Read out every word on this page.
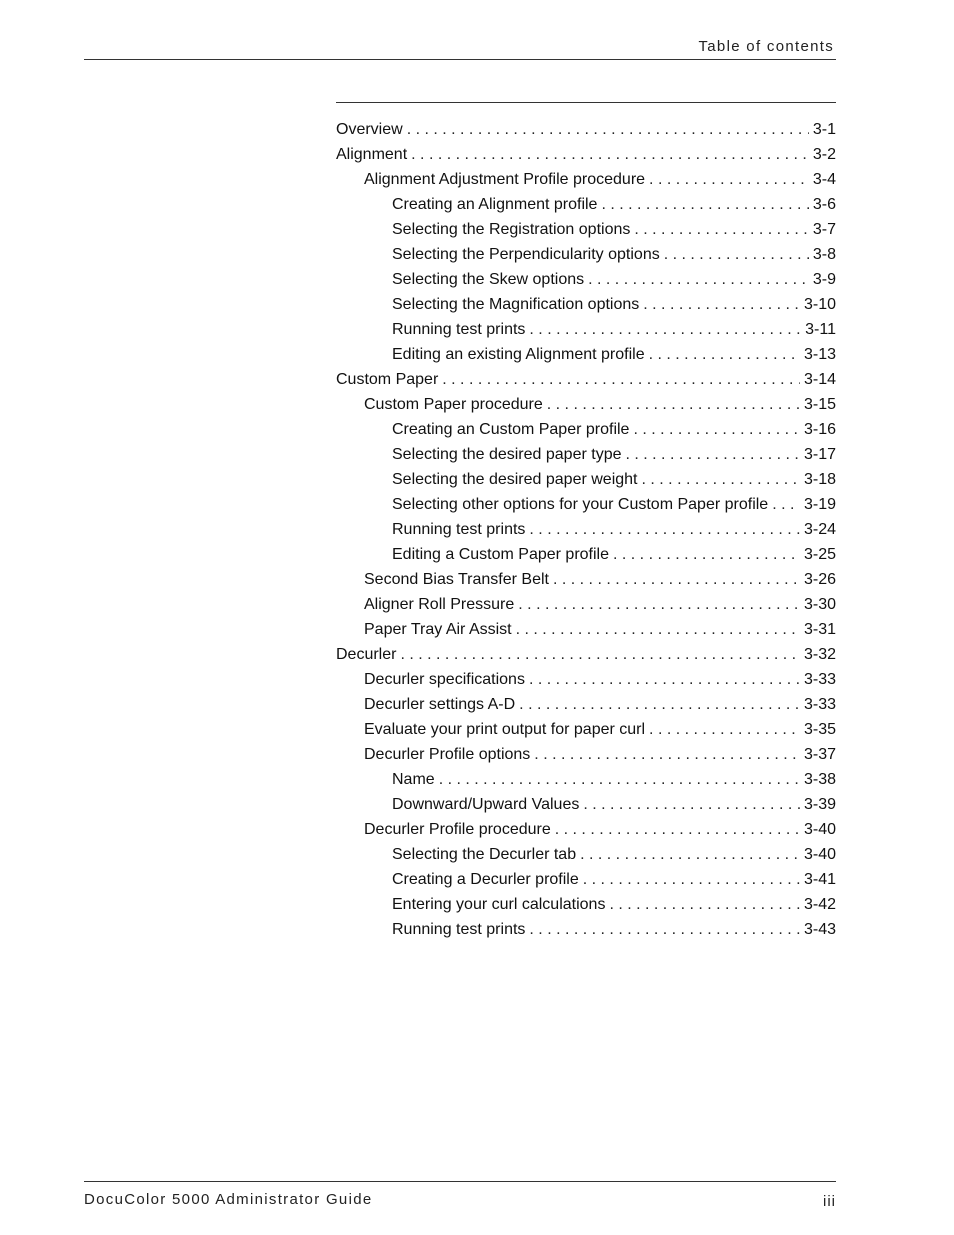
Table of contents
Overview . . .	3-1
Alignment . . .	3-2
Alignment Adjustment Profile procedure . . .	3-4
Creating an Alignment profile . . .	3-6
Selecting the Registration options . . .	3-7
Selecting the Perpendicularity options . . .	3-8
Selecting the Skew options . . .	3-9
Selecting the Magnification options . . .	3-10
Running test prints . . .	3-11
Editing an existing Alignment profile . . .	3-13
Custom Paper . . .	3-14
Custom Paper procedure . . .	3-15
Creating an Custom Paper profile . . .	3-16
Selecting the desired paper type . . .	3-17
Selecting the desired paper weight . . .	3-18
Selecting other options for your Custom Paper profile . . . 3-19
Running test prints . . .	3-24
Editing a Custom Paper profile . . .	3-25
Second Bias Transfer Belt . . .	3-26
Aligner Roll Pressure . . .	3-30
Paper Tray Air Assist . . .	3-31
Decurler . . .	3-32
Decurler specifications . . .	3-33
Decurler settings A-D . . .	3-33
Evaluate your print output for paper curl . . .	3-35
Decurler Profile options . . .	3-37
Name . . .	3-38
Downward/Upward Values . . .	3-39
Decurler Profile procedure . . .	3-40
Selecting the Decurler tab . . .	3-40
Creating a Decurler profile . . .	3-41
Entering your curl calculations . . .	3-42
Running test prints . . .	3-43
DocuColor 5000 Administrator Guide	iii
